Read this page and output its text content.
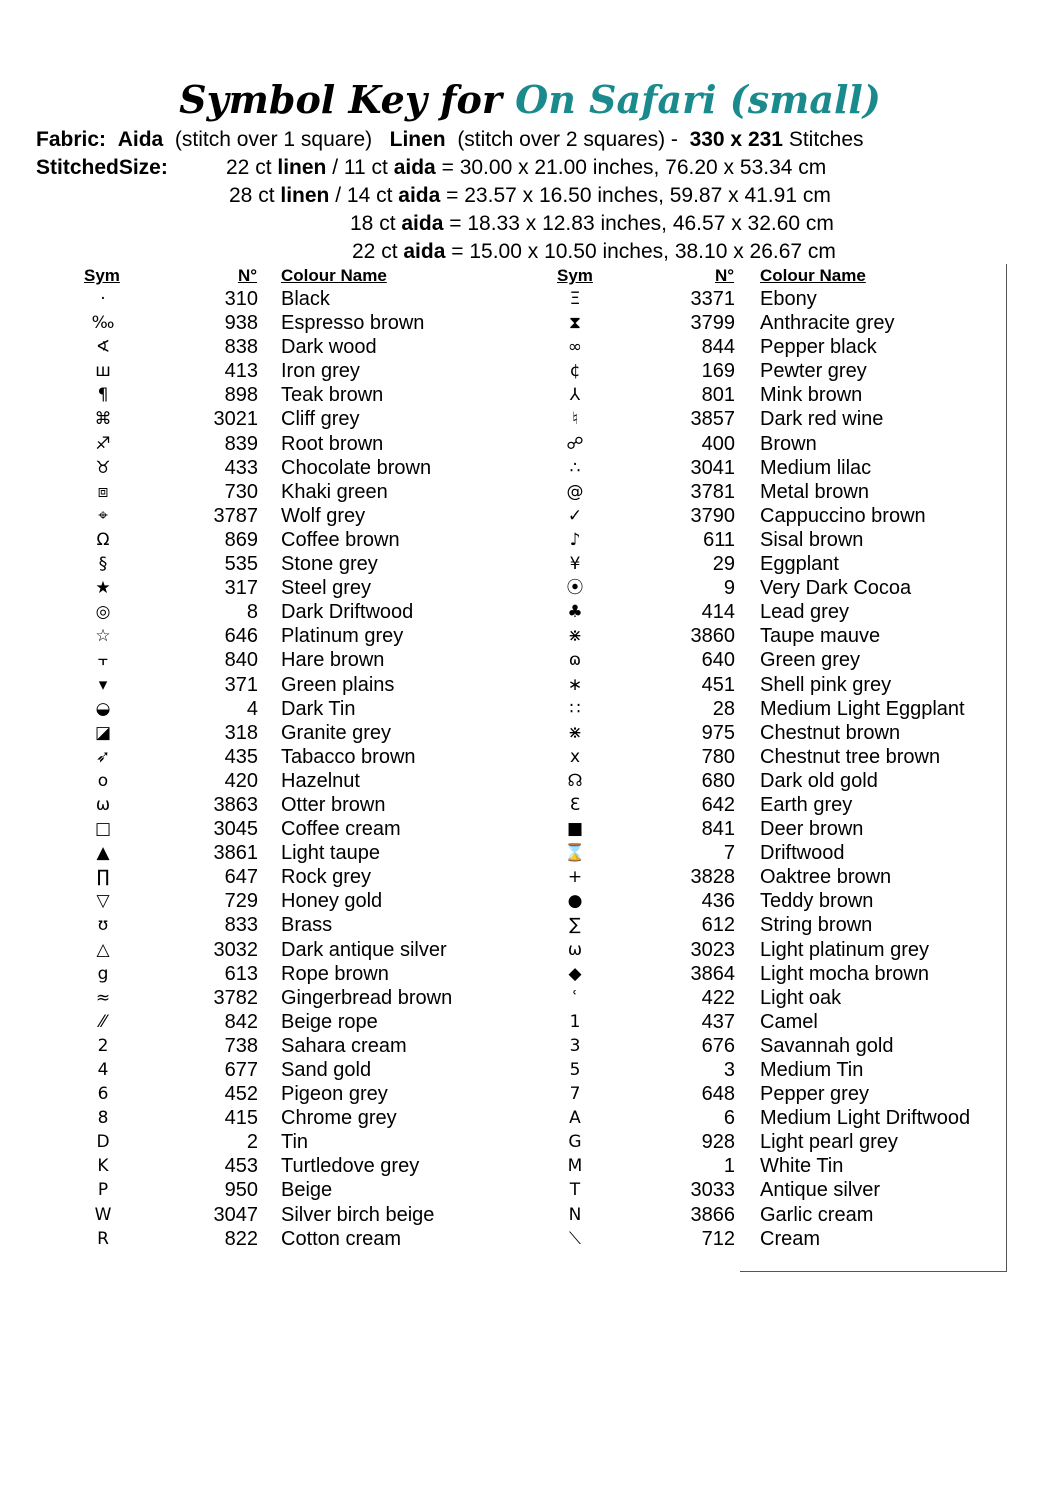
Symbol Key for On Safari (small)
Fabric: Aida (stitch over 1 square) Linen (stitch over 2 squares) - 330 x 231 Stitches
StitchedSize:	22 ct linen / 11 ct aida = 30.00 x 21.00 inches, 76.20 x 53.34 cm
28 ct linen / 14 ct aida = 23.57 x 16.50 inches, 59.87 x 41.91 cm
18 ct aida = 18.33 x 12.83 inches, 46.57 x 32.60 cm
22 ct aida = 15.00 x 10.50 inches, 38.10 x 26.67 cm
Sym	N° Colour Name	Sym	N° Colour Name
·	310 Black	Ξ	3371 Ebony
‰	938 Espresso brown	⧗	3799 Anthracite grey
∢	838 Dark wood	∞	844 Pepper black
ш	413 Iron grey	¢	169 Pewter grey
¶	898 Teak brown	⅄	801 Mink brown
⌘	3021 Cliff grey	♮	3857 Dark red wine
♐	839 Root brown	☍	400 Brown
♉	433 Chocolate brown	∴	3041 Medium lilac
⧈	730 Khaki green	@	3781 Metal brown
⌖	3787 Wolf grey	✓	3790 Cappuccino brown
Ω	869 Coffee brown	♪	611 Sisal brown
§	535 Stone grey	¥	29 Eggplant
★	317 Steel grey	⦿	9 Very Dark Cocoa
◎	8 Dark Driftwood	♣	414 Lead grey
☆	646 Platinum grey	⋇	3860 Taupe mauve
⫟	840 Hare brown	ɷ	640 Green grey
▾	371 Green plains	∗	451 Shell pink grey
◒	4 Dark Tin	∷	28 Medium Light Eggplant
◪	318 Granite grey	⋇	975 Chestnut brown
➶	435 Tabacco brown	x	780 Chestnut tree brown
o	420 Hazelnut	☊	680 Dark old gold
ω	3863 Otter brown	Ɛ	642 Earth grey
□	3045 Coffee cream	■	841 Deer brown
▲	3861 Light taupe	⌛	7 Driftwood
∏	647 Rock grey	+	3828 Oaktree brown
▽	729 Honey gold	●	436 Teddy brown
ʊ	833 Brass	∑	612 String brown
△	3032 Dark antique silver	ω	3023 Light platinum grey
g	613 Rope brown	◆	3864 Light mocha brown
≈	3782 Gingerbread brown	ʿ	422 Light oak
⁄⁄	842 Beige rope	1	437 Camel
2	738 Sahara cream	3	676 Savannah gold
4	677 Sand gold	5	3 Medium Tin
6	452 Pigeon grey	7	648 Pepper grey
8	415 Chrome grey	A	6 Medium Light Driftwood
D	2 Tin	G	928 Light pearl grey
K	453 Turtledove grey	M	1 White Tin
P	950 Beige	T	3033 Antique silver
W	3047 Silver birch beige	N	3866 Garlic cream
R	822 Cotton cream	⟍	712 Cream
